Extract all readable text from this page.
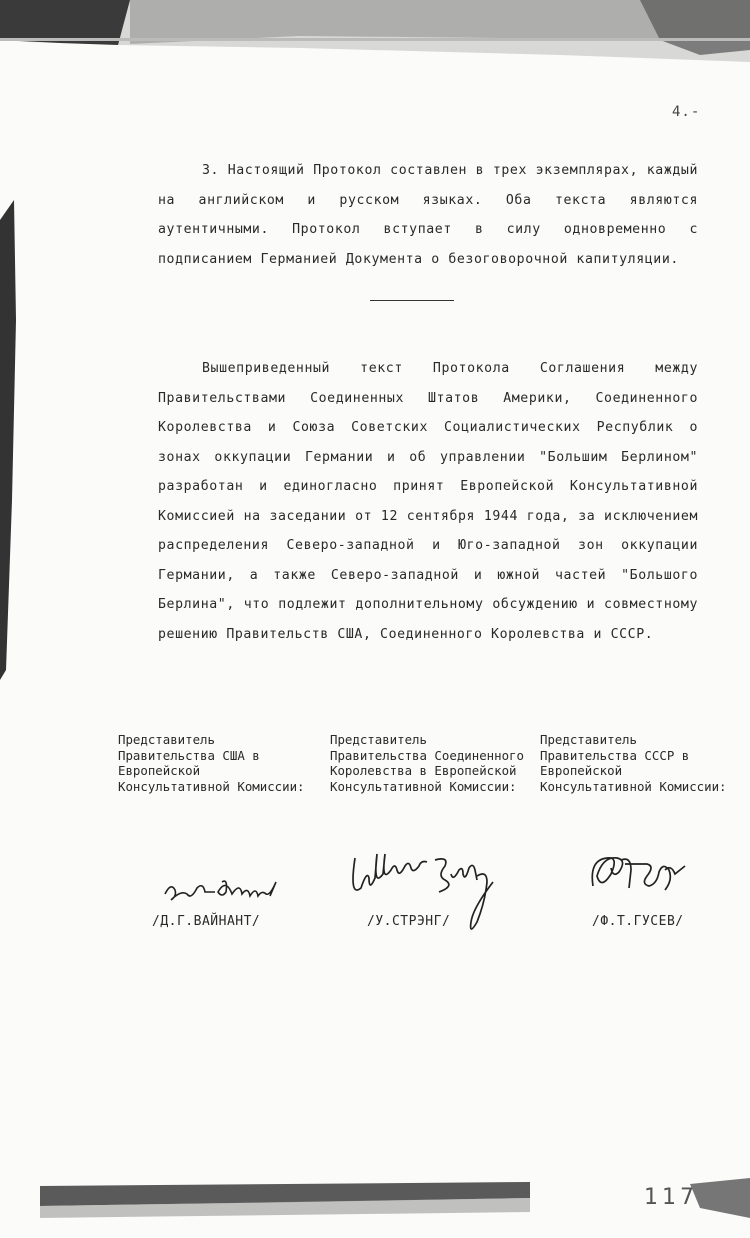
4.-

3. Настоящий Протокол составлен в трех экземплярах, каждый на английском и русском языках. Оба текста являются аутентичными. Протокол вступает в силу одновременно с подписанием Германией Документа о безоговорочной капитуляции.

Вышеприведенный текст Протокола Соглашения между Правительствами Соединенных Штатов Америки, Соединенного Королевства и Союза Советских Социалистических Республик о зонах оккупации Германии и об управлении "Большим Берлином" разработан и единогласно принят Европейской Консультативной Комиссией на заседании от 12 сентября 1944 года, за исключением распределения Северо-западной и Юго-западной зон оккупации Германии, а также Северо-западной и южной частей "Большого Берлина", что подлежит дополнительному обсуждению и совместному решению Правительств США, Соединенного Королевства и СССР.

Представитель Правительства США в Европейской Консультативной Комиссии:
Представитель Правительства Соединенного Королевства в Европейской Консультативной Комиссии:
Представитель Правительства СССР в Европейской Консультативной Комиссии:
/Д.Г.ВАЙНАНТ/	/У.СТРЭНГ/	/Ф.Т.ГУСЕВ/
117
